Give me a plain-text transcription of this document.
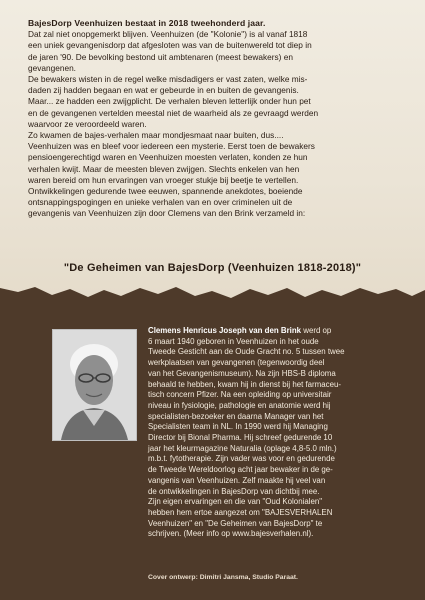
BajesDorp Veenhuizen bestaat in 2018 tweehonderd jaar.

Dat zal niet onopgemerkt blijven. Veenhuizen (de "Kolonie") is al vanaf 1818

een uniek gevangenisdorp dat afgesloten was van de buitenwereld tot diep in

de jaren '90. De bevolking bestond uit ambtenaren (meest bewakers) en

gevangenen.

De bewakers wisten in de regel welke misdadigers er vast zaten, welke mis-

daden zij hadden begaan en wat er gebeurde in en buiten de gevangenis.

Maar... ze hadden een zwijgplicht. De verhalen bleven letterlijk onder hun pet

en de gevangenen vertelden meestal niet de waarheid als ze gevraagd werden

waarvoor ze veroordeeld waren.

Zo kwamen de bajes-verhalen maar mondjesmaat naar buiten, dus....

Veenhuizen was en bleef voor iedereen een mysterie. Eerst toen de bewakers

pensioengerechtigd waren en Veenhuizen moesten verlaten, konden ze hun

verhalen kwijt. Maar de meesten bleven zwijgen. Slechts enkelen van hen

waren bereid om hun ervaringen van vroeger stukje bij beetje te vertellen.

Ontwikkelingen gedurende twee eeuwen, spannende anekdotes, boeiende

ontsnappingspogingen en unieke verhalen van en over criminelen uit de

gevangenis van Veenhuizen zijn door Clemens van den Brink verzameld in:

"De Geheimen van BajesDorp (Veenhuizen 1818-2018)"

Clemens Henricus Joseph van den Brink werd op

6 maart 1940 geboren in Veenhuizen in het oude

Tweede Gesticht aan de Oude Gracht no. 5 tussen twee

werkplaatsen van gevangenen (tegenwoordig deel

van het Gevangenismuseum). Na zijn HBS-B diploma

behaald te hebben, kwam hij in dienst bij het farmaceu-

tisch concern Pfizer. Na een opleiding op universitair

niveau in fysiologie, pathologie en anatomie werd hij

specialisten-bezoeker en daarna Manager van het

Specialisten team in NL. In 1990 werd hij Managing

Director bij Bional Pharma. Hij schreef gedurende 10

jaar het kleurmagazine Naturalia (oplage 4,8-5.0 mln.)

m.b.t. fytotherapie. Zijn vader was voor en gedurende

de Tweede Wereldoorlog acht jaar bewaker in de ge-

vangenis van Veenhuizen. Zelf maakte hij veel van

de ontwikkelingen in BajesDorp van dichtbij mee.

Zijn eigen ervaringen en die van "Oud Kolonialen"

hebben hem ertoe aangezet om "BAJESVERHALEN

Veenhuizen" en "De Geheimen van BajesDorp" te

schrijven. (Meer info op www.bajesverhalen.nl).

Cover ontwerp: Dimitri Jansma, Studio Paraat.
